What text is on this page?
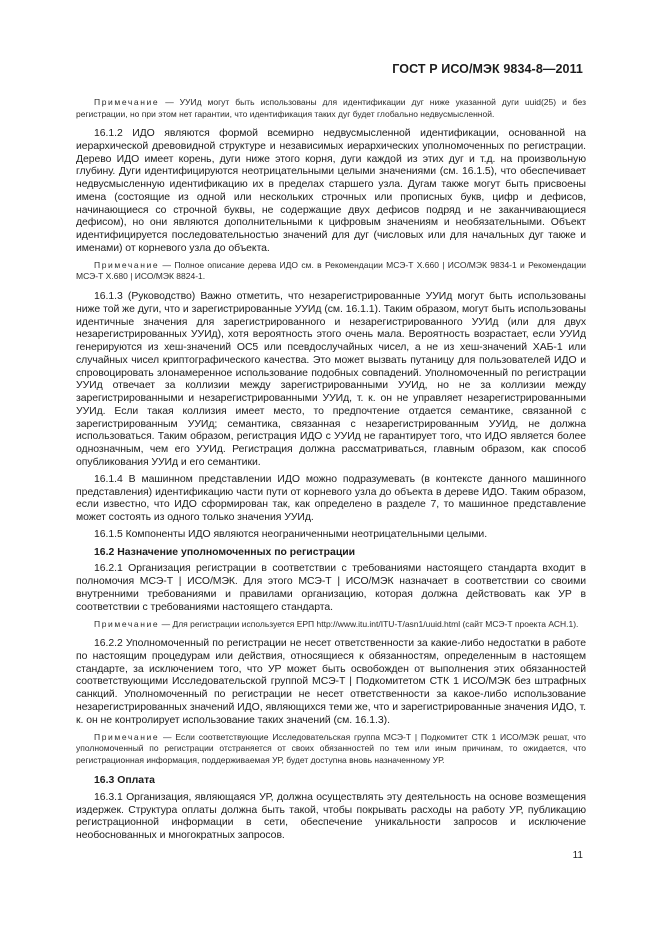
ГОСТ Р ИСО/МЭК 9834-8—2011

Примечание — УУИд могут быть использованы для идентификации дуг ниже указанной дуги uuid(25) и без регистрации, но при этом нет гарантии, что идентификация таких дуг будет глобально недвусмысленной.

16.1.2 ИДО являются формой всемирно недвусмысленной идентификации, основанной на иерархической древовидной структуре и независимых иерархических уполномоченных по регистрации. Дерево ИДО имеет корень, дуги ниже этого корня, дуги каждой из этих дуг и т.д. на произвольную глубину. Дуги идентифицируются неотрицательными целыми значениями (см. 16.1.5), что обеспечивает недвусмысленную идентификацию их в пределах старшего узла. Дугам также могут быть присвоены имена (состоящие из одной или нескольких строчных или прописных букв, цифр и дефисов, начинающиеся со строчной буквы, не содержащие двух дефисов подряд и не заканчивающиеся дефисом), но они являются дополнительными к цифровым значениям и необязательными. Объект идентифицируется последовательностью значений для дуг (числовых или для начальных дуг также и именами) от корневого узла до объекта.

Примечание — Полное описание дерева ИДО см. в Рекомендации МСЭ-Т Х.660 | ИСО/МЭК 9834-1 и Рекомендации МСЭ-Т Х.680 | ИСО/МЭК 8824-1.

16.1.3 (Руководство) Важно отметить, что незарегистрированные УУИд могут быть использованы ниже той же дуги, что и зарегистрированные УУИд (см. 16.1.1). Таким образом, могут быть использованы идентичные значения для зарегистрированного и незарегистрированного УУИд (или для двух незарегистрированных УУИд), хотя вероятность этого очень мала. Вероятность возрастает, если УУИд генерируются из хеш-значений ОС5 или псевдослучайных чисел, а не из хеш-значений ХАБ-1 или случайных чисел криптографического качества. Это может вызвать путаницу для пользователей ИДО и спровоцировать злонамеренное использование подобных совпадений. Уполномоченный по регистрации УУИд отвечает за коллизии между зарегистрированными УУИд, но не за коллизии между зарегистрированными и незарегистрированными УУИд, т. к. он не управляет незарегистрированными УУИд. Если такая коллизия имеет место, то предпочтение отдается семантике, связанной с зарегистрированным УУИд; семантика, связанная с незарегистрированным УУИд, не должна использоваться. Таким образом, регистрация ИДО с УУИд не гарантирует того, что ИДО является более однозначным, чем его УУИд. Регистрация должна рассматриваться, главным образом, как способ опубликования УУИд и его семантики.

16.1.4 В машинном представлении ИДО можно подразумевать (в контексте данного машинного представления) идентификацию части пути от корневого узла до объекта в дереве ИДО. Таким образом, если известно, что ИДО сформирован так, как определено в разделе 7, то машинное представление может состоять из одного только значения УУИд.

16.1.5 Компоненты ИДО являются неограниченными неотрицательными целыми.

16.2 Назначение уполномоченных по регистрации

16.2.1 Организация регистрации в соответствии с требованиями настоящего стандарта входит в полномочия МСЭ-Т | ИСО/МЭК. Для этого МСЭ-Т | ИСО/МЭК назначает в соответствии со своими внутренними требованиями и правилами организацию, которая должна действовать как УР в соответствии с требованиями настоящего стандарта.

Примечание — Для регистрации используется ЕРП http://www.itu.int/ITU-T/asn1/uuid.html (сайт МСЭ-Т проекта АСН.1).

16.2.2 Уполномоченный по регистрации не несет ответственности за какие-либо недостатки в работе по настоящим процедурам или действия, относящиеся к обязанностям, определенным в настоящем стандарте, за исключением того, что УР может быть освобожден от выполнения этих обязанностей соответствующими Исследовательской группой МСЭ-Т | Подкомитетом СТК 1 ИСО/МЭК без штрафных санкций. Уполномоченный по регистрации не несет ответственности за какое-либо использование незарегистрированных значений ИДО, являющихся теми же, что и зарегистрированные значения ИДО, т. к. он не контролирует использование таких значений (см. 16.1.3).

Примечание — Если соответствующие Исследовательская группа МСЭ-Т | Подкомитет СТК 1 ИСО/МЭК решат, что уполномоченный по регистрации отстраняется от своих обязанностей по тем или иным причинам, то ожидается, что регистрационная информация, поддерживаемая УР, будет доступна вновь назначенному УР.

16.3 Оплата

16.3.1 Организация, являющаяся УР, должна осуществлять эту деятельность на основе возмещения издержек. Структура оплаты должна быть такой, чтобы покрывать расходы на работу УР, публикацию регистрационной информации в сети, обеспечение уникальности запросов и исключение необоснованных и многократных запросов.

11
